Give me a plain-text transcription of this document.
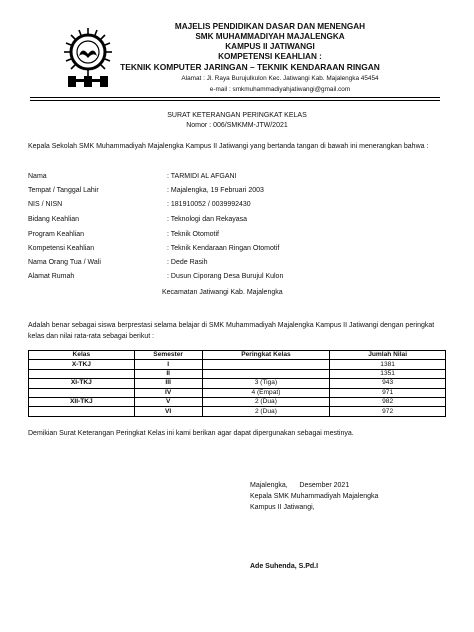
MAJELIS PENDIDIKAN DASAR DAN MENENGAH
SMK MUHAMMADIYAH MAJALENGKA
KAMPUS II JATIWANGI
KOMPETENSI KEAHLIAN :
TEKNIK KOMPUTER JARINGAN – TEKNIK KENDARAAN RINGAN
Alamat : Jl. Raya Burujulkulon Kec. Jatiwangi Kab. Majalengka 45454
e-mail : smkmuhammadiyahjatiwangi@gmail.com
SURAT KETERANGAN PERINGKAT KELAS
Nomor : 006/SMKMM-JTW/2021
Kepala Sekolah SMK Muhammadiyah Majalengka Kampus II Jatiwangi yang bertanda tangan di bawah ini menerangkan bahwa :
Nama	: TARMIDI AL AFGANI
Tempat / Tanggal Lahir	: Majalengka, 19 Februari 2003
NIS / NISN	: 181910052 / 0039992430
Bidang Keahlian	: Teknologi dan Rekayasa
Program Keahlian	: Teknik Otomotif
Kompetensi Keahlian	: Teknik Kendaraan Ringan Otomotif
Nama Orang Tua / Wali	: Dede Rasih
Alamat Rumah	: Dusun Ciporang Desa Burujul Kulon
Kecamatan Jatiwangi Kab. Majalengka
Adalah benar sebagai siswa berprestasi selama belajar di SMK Muhammadiyah Majalengka Kampus II Jatiwangi dengan peringkat kelas dan nilai rata-rata sebagai berikut :
Kelas	Semester	Peringkat Kelas	Jumlah Nilai
X-TKJ	I		1381
	II		1351
XI-TKJ	III	3 (Tiga)	943
	IV	4 (Empat)	971
XII-TKJ	V	2 (Dua)	982
	VI	2 (Dua)	972
Demikian Surat Keterangan Peringkat Kelas ini kami berikan agar dapat dipergunakan sebagai mestinya.
Majalengka,      Desember 2021
Kepala SMK Muhammadiyah Majalengka
Kampus II Jatiwangi,
Ade Suhenda, S.Pd.I
